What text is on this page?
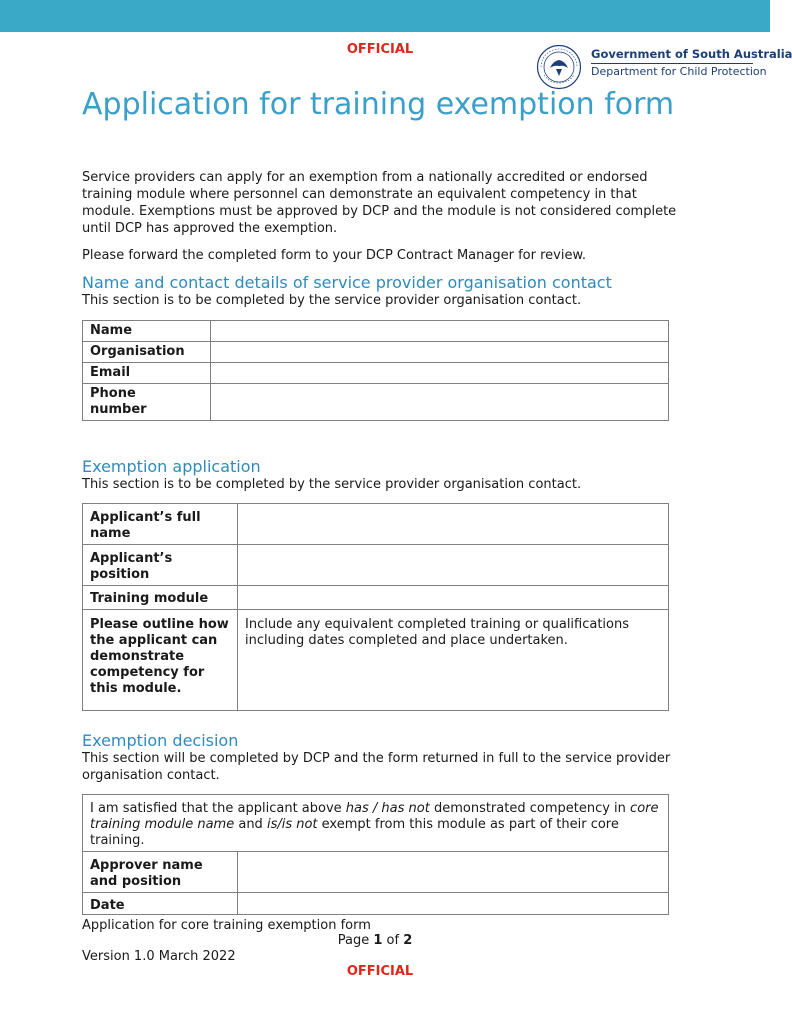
OFFICIAL	Government of South Australia
Department for Child Protection
Application for training exemption form

Service providers can apply for an exemption from a nationally accredited or endorsed training module where personnel can demonstrate an equivalent competency in that module. Exemptions must be approved by DCP and the module is not considered complete until DCP has approved the exemption.

Please forward the completed form to your DCP Contract Manager for review.

Name and contact details of service provider organisation contact
This section is to be completed by the service provider organisation contact.
Name	
Organisation	
Email	
Phone number	
Exemption application
This section is to be completed by the service provider organisation contact.
Applicant’s full name	
Applicant’s position	
Training module	
Please outline how the applicant can demonstrate competency for this module.	Include any equivalent completed training or qualifications including dates completed and place undertaken.
Exemption decision
This section will be completed by DCP and the form returned in full to the service provider organisation contact.
I am satisfied that the applicant above has / has not demonstrated competency in core training module name and is/is not exempt from this module as part of their core training.	
Approver name and position	
Date	
Application for core training exemption form
Page 1 of 2
Version 1.0 March 2022
OFFICIAL
